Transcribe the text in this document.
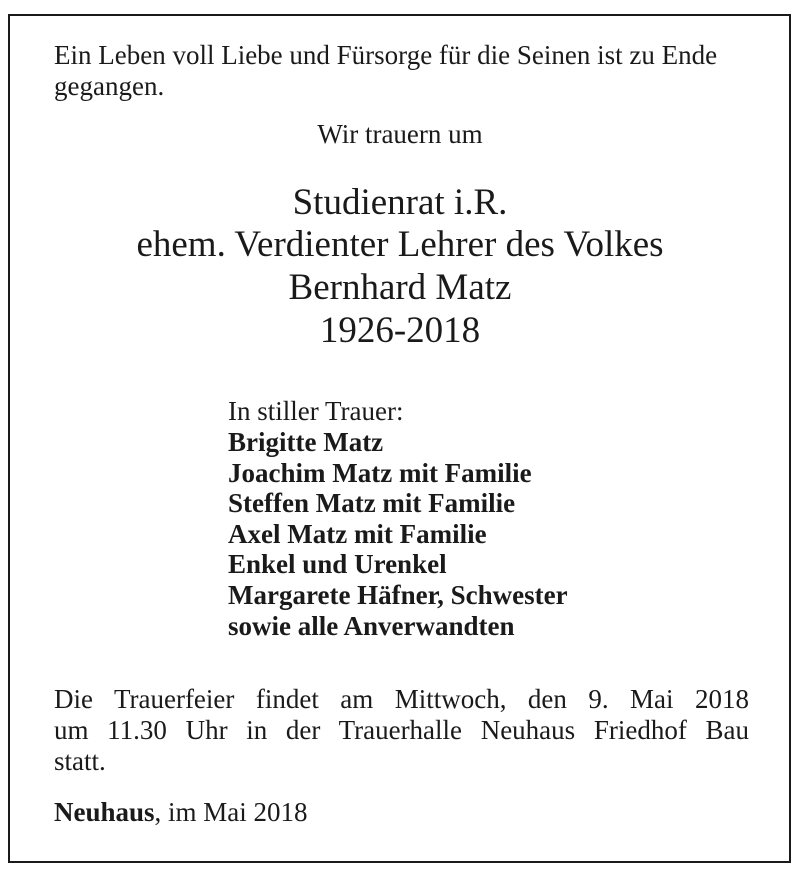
Ein Leben voll Liebe und Fürsorge für die Seinen ist zu Ende gegangen.

Wir trauern um

Studienrat i.R.

ehem. Verdienter Lehrer des Volkes

Bernhard Matz

1926-2018

In stiller Trauer:

Brigitte Matz
Joachim Matz mit Familie
Steffen Matz mit Familie
Axel Matz mit Familie
Enkel und Urenkel
Margarete Häfner, Schwester
sowie alle Anverwandten
Die Trauerfeier findet am Mittwoch, den 9. Mai 2018
um 11.30 Uhr in der Trauerhalle Neuhaus Friedhof Bau
statt.

Neuhaus, im Mai 2018
